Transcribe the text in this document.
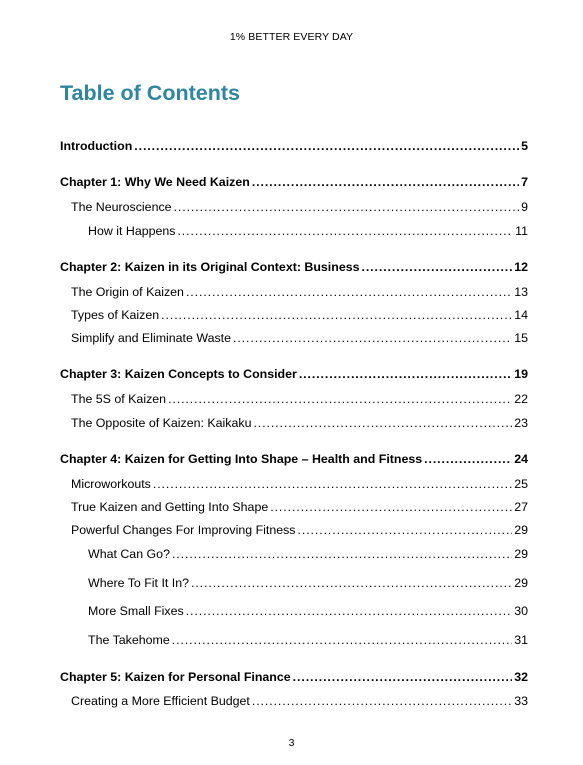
1% BETTER EVERY DAY
Table of Contents
Introduction .....	5
Chapter 1: Why We Need Kaizen .....	7
The Neuroscience .....	9
How it Happens .....	11
Chapter 2: Kaizen in its Original Context: Business .....	12
The Origin of Kaizen .....	13
Types of Kaizen .....	14
Simplify and Eliminate Waste .....	15
Chapter 3: Kaizen Concepts to Consider .....	19
The 5S of Kaizen .....	22
The Opposite of Kaizen: Kaikaku .....	23
Chapter 4: Kaizen for Getting Into Shape – Health and Fitness .....	24
Microworkouts .....	25
True Kaizen and Getting Into Shape .....	27
Powerful Changes For Improving Fitness .....	29
What Can Go? .....	29
Where To Fit It In? .....	29
More Small Fixes .....	30
The Takehome .....	31
Chapter 5: Kaizen for Personal Finance .....	32
Creating a More Efficient Budget .....	33
3
